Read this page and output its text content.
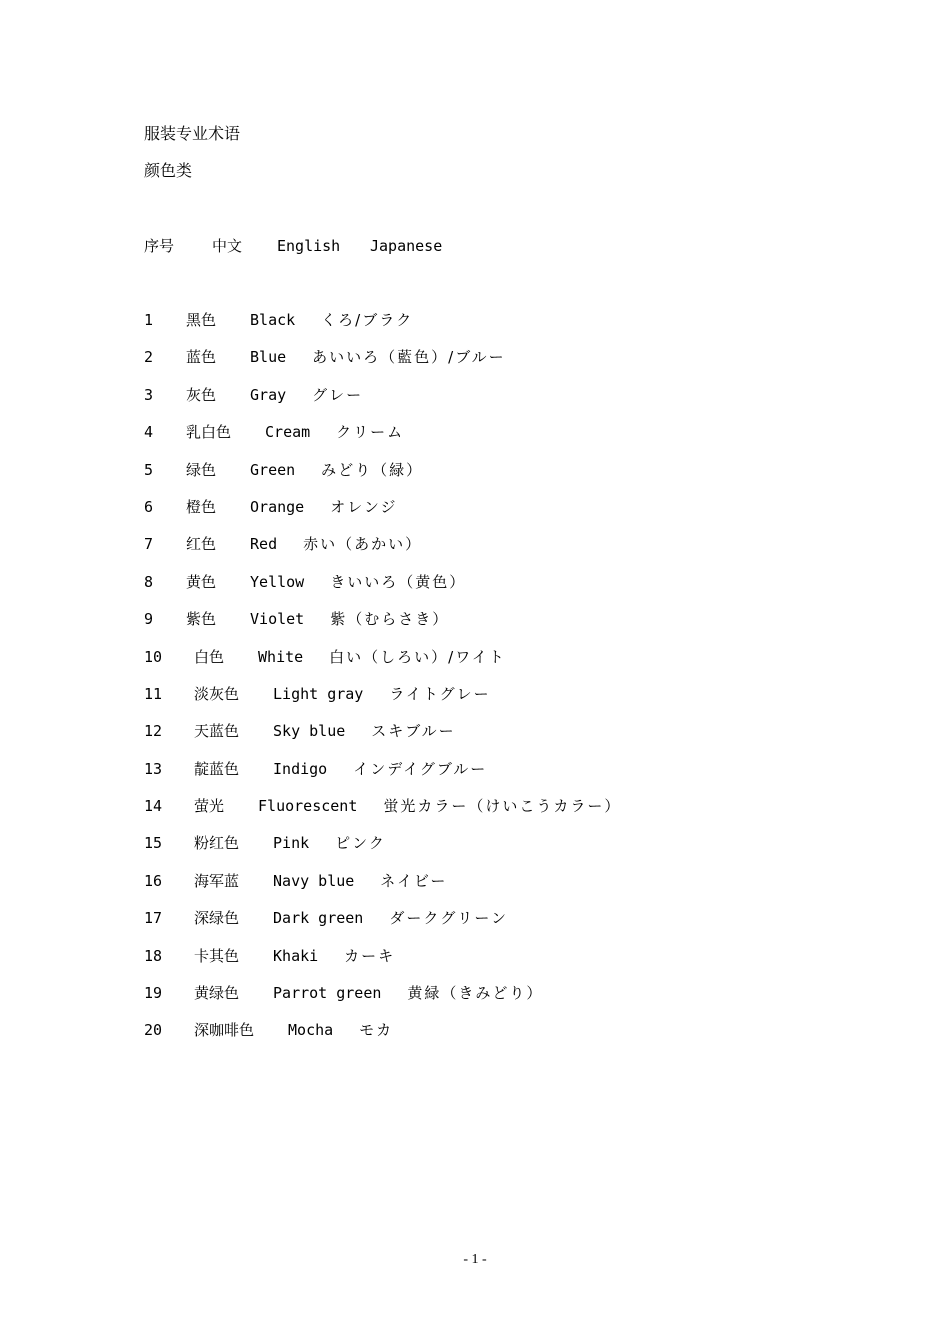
服装专业术语
颜色类
序号	中文 English Japanese
1 黑色 Black くろ/ブラク
2 蓝色 Blue あいいろ（藍色）/ブルー
3 灰色 Gray グレー
4 乳白色 Cream クリーム
5 绿色 Green みどり（緑）
6 橙色 Orange オレンジ
7 红色 Red 赤い（あかい）
8 黄色 Yellow きいいろ（黄色）
9 紫色 Violet 紫（むらさき）
10 白色 White 白い（しろい）/ワイト
11 淡灰色 Light gray ライトグレー
12 天蓝色 Sky blue スキブルー
13 靛蓝色 Indigo インデイグブルー
14 萤光 Fluorescent 蛍光カラー（けいこうカラー）
15 粉红色 Pink ピンク
16 海军蓝 Navy blue ネイビー
17 深绿色 Dark green ダークグリーン
18 卡其色 Khaki カーキ
19 黄绿色 Parrot green 黄緑（きみどり）
20 深咖啡色 Mocha モカ
- 1 -
